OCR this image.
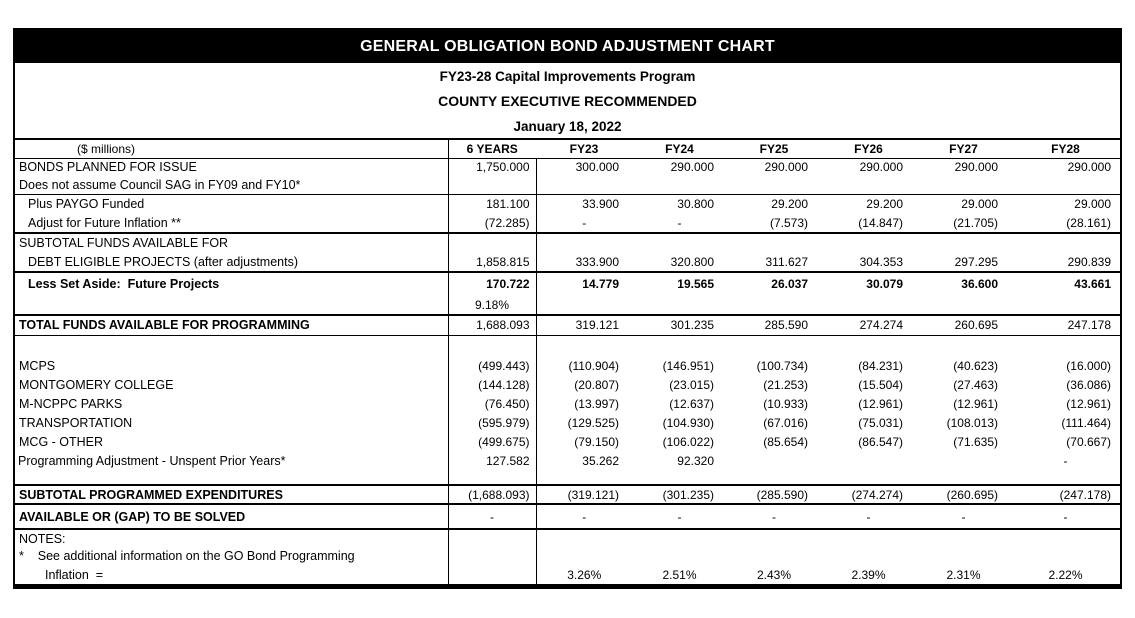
GENERAL OBLIGATION BOND ADJUSTMENT CHART
FY23-28 Capital Improvements Program
COUNTY EXECUTIVE RECOMMENDED
January 18, 2022
($ millions)	6 YEARS	FY23	FY24	FY25	FY26	FY27	FY28
BONDS PLANNED FOR ISSUE	1,750.000	300.000	290.000	290.000	290.000	290.000	290.000
Does not assume Council SAG in FY09 and FY10*							
Plus PAYGO Funded	181.100	33.900	30.800	29.200	29.200	29.000	29.000
Adjust for Future Inflation **	(72.285)	-	-	(7.573)	(14.847)	(21.705)	(28.161)
SUBTOTAL FUNDS AVAILABLE FOR							
DEBT ELIGIBLE PROJECTS (after adjustments)	1,858.815	333.900	320.800	311.627	304.353	297.295	290.839
Less Set Aside:  Future Projects	170.722	14.779	19.565	26.037	30.079	36.600	43.661
	9.18%						
TOTAL FUNDS AVAILABLE FOR PROGRAMMING	1,688.093	319.121	301.235	285.590	274.274	260.695	247.178

MCPS	(499.443)	(110.904)	(146.951)	(100.734)	(84.231)	(40.623)	(16.000)
MONTGOMERY COLLEGE	(144.128)	(20.807)	(23.015)	(21.253)	(15.504)	(27.463)	(36.086)
M-NCPPC PARKS	(76.450)	(13.997)	(12.637)	(10.933)	(12.961)	(12.961)	(12.961)
TRANSPORTATION	(595.979)	(129.525)	(104.930)	(67.016)	(75.031)	(108.013)	(111.464)
MCG - OTHER	(499.675)	(79.150)	(106.022)	(85.654)	(86.547)	(71.635)	(70.667)
Programming Adjustment - Unspent Prior Years*	127.582	35.262	92.320				-

SUBTOTAL PROGRAMMED EXPENDITURES	(1,688.093)	(319.121)	(301.235)	(285.590)	(274.274)	(260.695)	(247.178)
AVAILABLE OR (GAP) TO BE SOLVED	-	-	-	-	-	-	-
NOTES:							
*    See additional information on the GO Bond Programming							
Inflation  =		3.26%	2.51%	2.43%	2.39%	2.31%	2.22%
